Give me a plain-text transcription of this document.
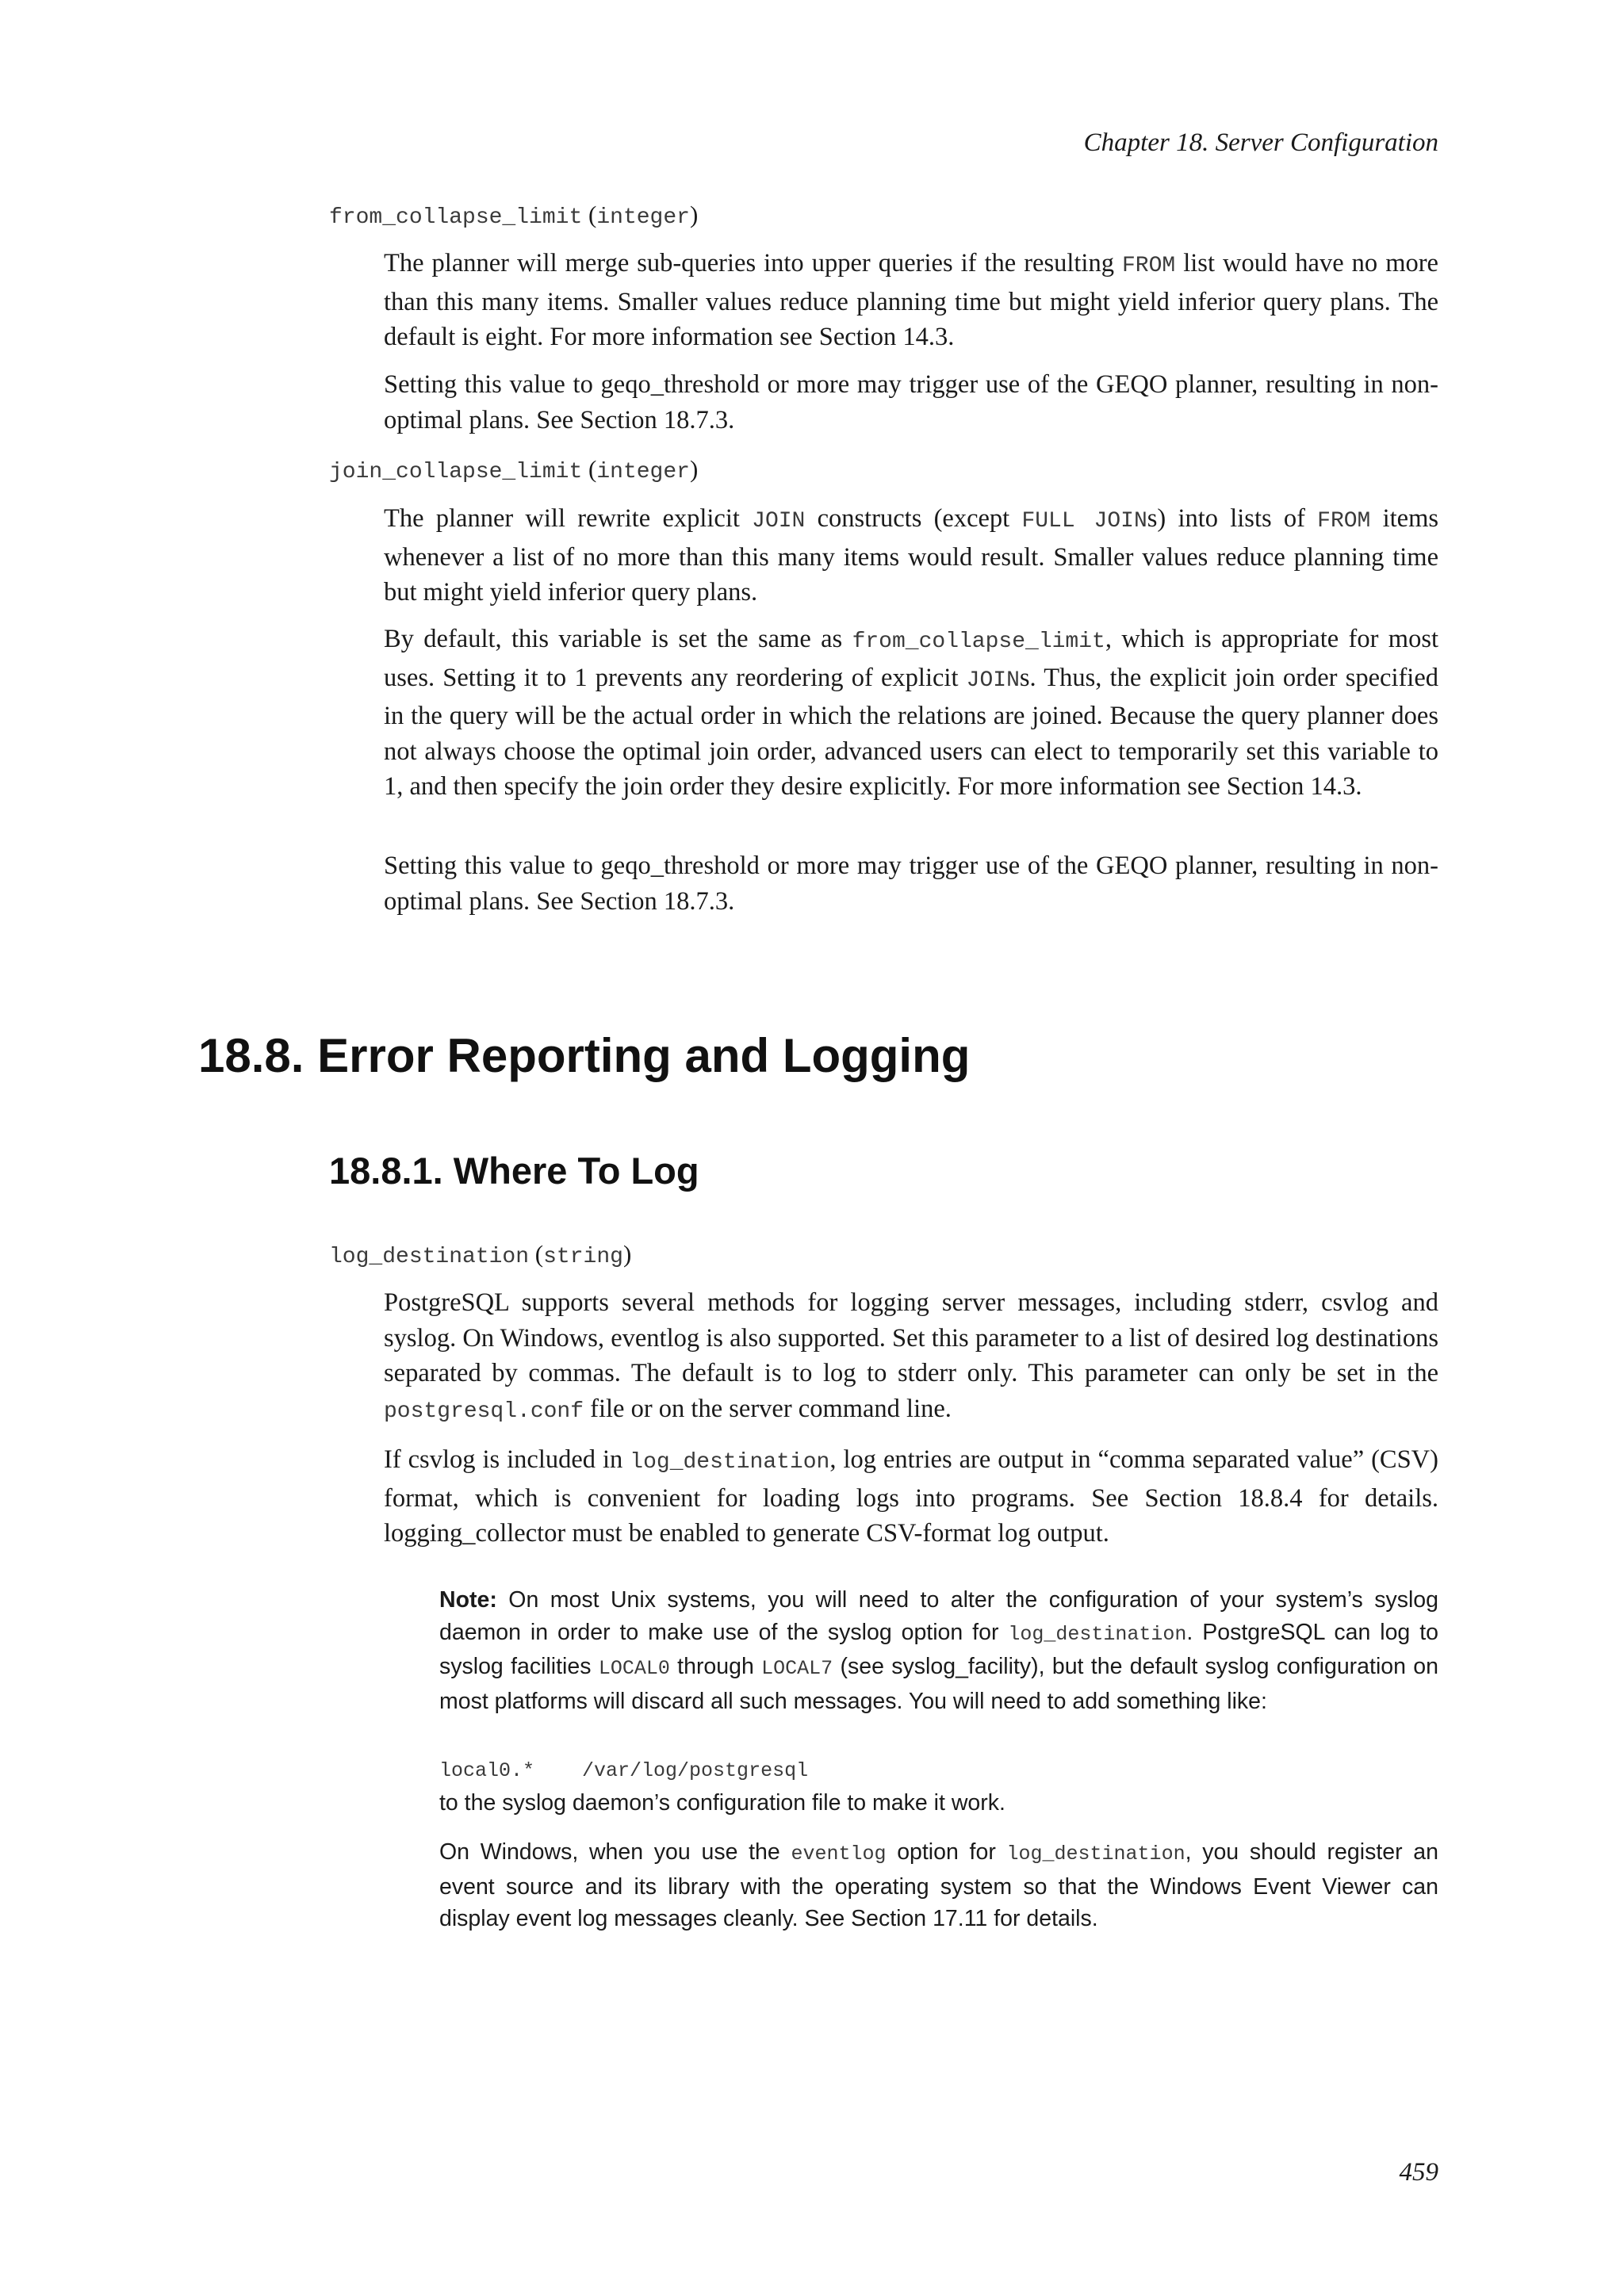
Chapter 18. Server Configuration
from_collapse_limit (integer)

The planner will merge sub-queries into upper queries if the resulting FROM list would have no more than this many items. Smaller values reduce planning time but might yield inferior query plans. The default is eight. For more information see Section 14.3.

Setting this value to geqo_threshold or more may trigger use of the GEQO planner, resulting in non-optimal plans. See Section 18.7.3.

join_collapse_limit (integer)

The planner will rewrite explicit JOIN constructs (except FULL JOINs) into lists of FROM items whenever a list of no more than this many items would result. Smaller values reduce planning time but might yield inferior query plans.

By default, this variable is set the same as from_collapse_limit, which is appropriate for most uses. Setting it to 1 prevents any reordering of explicit JOINs. Thus, the explicit join order specified in the query will be the actual order in which the relations are joined. Because the query planner does not always choose the optimal join order, advanced users can elect to temporarily set this variable to 1, and then specify the join order they desire explicitly. For more information see Section 14.3.

Setting this value to geqo_threshold or more may trigger use of the GEQO planner, resulting in non-optimal plans. See Section 18.7.3.

18.8. Error Reporting and Logging
18.8.1. Where To Log
log_destination (string)

PostgreSQL supports several methods for logging server messages, including stderr, csvlog and syslog. On Windows, eventlog is also supported. Set this parameter to a list of desired log destinations separated by commas. The default is to log to stderr only. This parameter can only be set in the postgresql.conf file or on the server command line.

If csvlog is included in log_destination, log entries are output in “comma separated value” (CSV) format, which is convenient for loading logs into programs. See Section 18.8.4 for details. logging_collector must be enabled to generate CSV-format log output.

Note: On most Unix systems, you will need to alter the configuration of your system’s syslog daemon in order to make use of the syslog option for log_destination. PostgreSQL can log to syslog facilities LOCAL0 through LOCAL7 (see syslog_facility), but the default syslog configuration on most platforms will discard all such messages. You will need to add something like:

local0.*    /var/log/postgresql

to the syslog daemon’s configuration file to make it work.

On Windows, when you use the eventlog option for log_destination, you should register an event source and its library with the operating system so that the Windows Event Viewer can display event log messages cleanly. See Section 17.11 for details.

459
